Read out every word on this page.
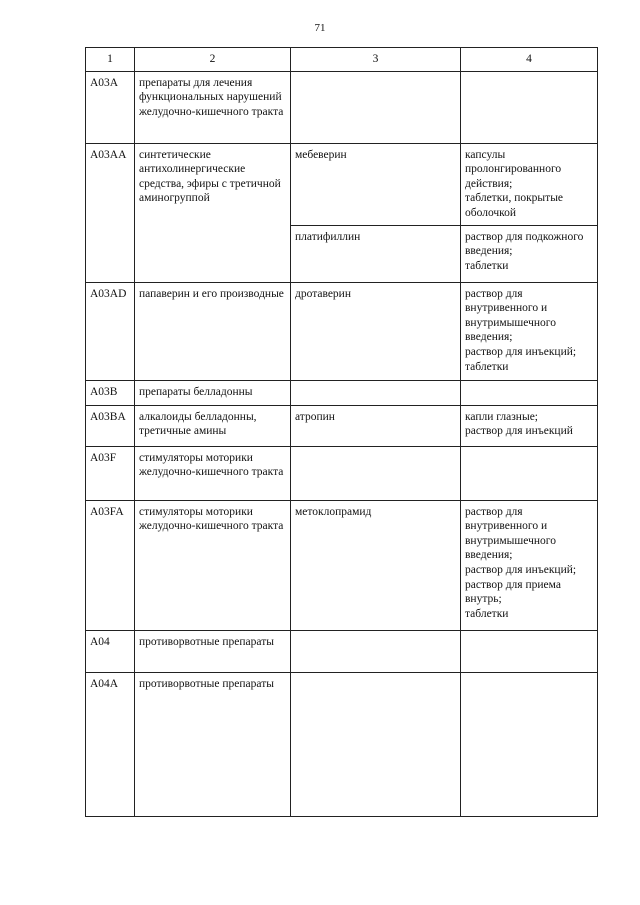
71
1	2	3	4
A03A	препараты для лечения функциональных нарушений желудочно-кишечного тракта		
A03AA	синтетические антихолинергические средства, эфиры с третичной аминогруппой	мебеверин	капсулы пролонгированного действия;
таблетки, покрытые оболочкой
		платифиллин	раствор для подкожного введения;
таблетки
A03AD	папаверин и его производные	дротаверин	раствор для внутривенного и внутримышечного введения;
раствор для инъекций;
таблетки
A03B	препараты белладонны		
A03BA	алкалоиды белладонны, третичные амины	атропин	капли глазные;
раствор для инъекций
A03F	стимуляторы моторики желудочно-кишечного тракта		
A03FA	стимуляторы моторики желудочно-кишечного тракта	метоклопрамид	раствор для внутривенного и внутримышечного введения;
раствор для инъекций;
раствор для приема внутрь;
таблетки
A04	противорвотные препараты		
A04A	противорвотные препараты		
